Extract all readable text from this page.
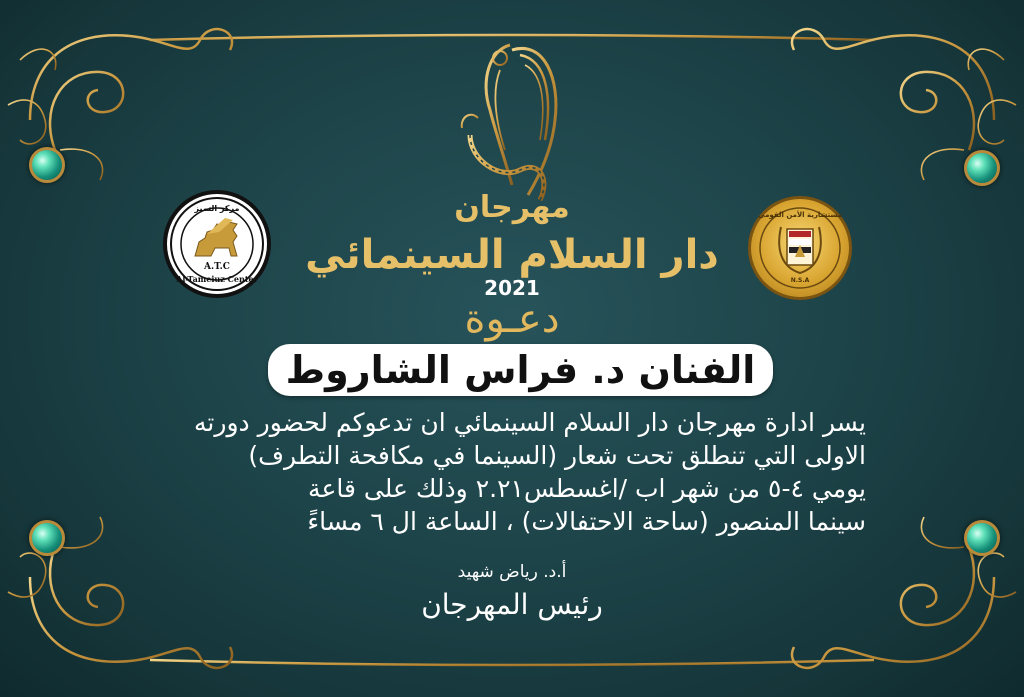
A.T.C
Al-Tameiuz Center
مركز التميز
مستشارية الأمن القومي
N.S.A
مهرجان
دار السلام السينمائي
2021
دعـوة
الفنان د. فراس الشاروط

يسر ادارة مهرجان دار السلام السينمائي ان تدعوكم لحضور دورته

الاولى التي تنطلق تحت شعار (السينما في مكافحة التطرف)

يومي ٤-٥ من شهر اب /اغسطس٢.٢١ وذلك على قاعة

سينما المنصور (ساحة الاحتفالات) ، الساعة ال ٦ مساءً

أ.د. رياض شهيد
رئيس المهرجان
